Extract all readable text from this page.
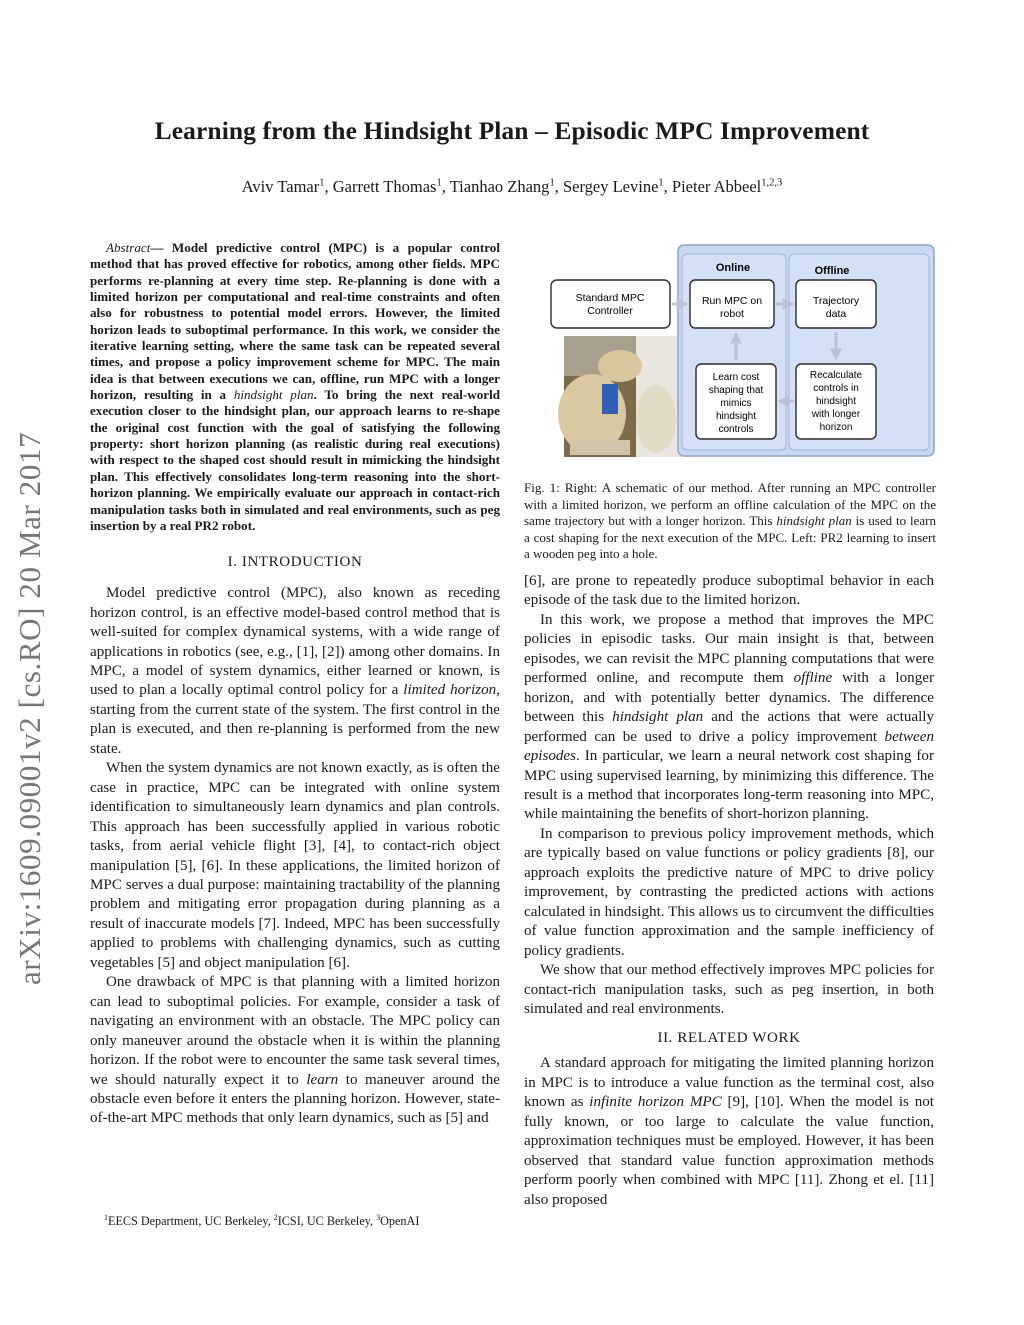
Learning from the Hindsight Plan – Episodic MPC Improvement
Aviv Tamar$^1$, Garrett Thomas$^1$, Tianhao Zhang$^1$, Sergey Levine$^1$, Pieter Abbeel$^{1,2,3}$
arXiv:1609.09001v2 [cs.RO] 20 Mar 2017

Abstract— Model predictive control (MPC) is a popular control method that has proved effective for robotics, among other fields. MPC performs re-planning at every time step. Re-planning is done with a limited horizon per computational and real-time constraints and often also for robustness to potential model errors. However, the limited horizon leads to suboptimal performance. In this work, we consider the iterative learning setting, where the same task can be repeated several times, and propose a policy improvement scheme for MPC. The main idea is that between executions we can, offline, run MPC with a longer horizon, resulting in a hindsight plan. To bring the next real-world execution closer to the hindsight plan, our approach learns to re-shape the original cost function with the goal of satisfying the following property: short horizon planning (as realistic during real executions) with respect to the shaped cost should result in mimicking the hindsight plan. This effectively consolidates long-term reasoning into the short-horizon planning. We empirically evaluate our approach in contact-rich manipulation tasks both in simulated and real environments, such as peg insertion by a real PR2 robot.

I. INTRODUCTION

Model predictive control (MPC), also known as receding horizon control, is an effective model-based control method that is well-suited for complex dynamical systems, with a wide range of applications in robotics (see, e.g., [1], [2]) among other domains. In MPC, a model of system dynamics, either learned or known, is used to plan a locally optimal control policy for a limited horizon, starting from the current state of the system. The first control in the plan is executed, and then re-planning is performed from the new state.

When the system dynamics are not known exactly, as is often the case in practice, MPC can be integrated with online system identification to simultaneously learn dynamics and plan controls. This approach has been successfully applied in various robotic tasks, from aerial vehicle flight [3], [4], to contact-rich object manipulation [5], [6]. In these applications, the limited horizon of MPC serves a dual purpose: maintaining tractability of the planning problem and mitigating error propagation during planning as a result of inaccurate models [7]. Indeed, MPC has been successfully applied to problems with challenging dynamics, such as cutting vegetables [5] and object manipulation [6].

One drawback of MPC is that planning with a limited horizon can lead to suboptimal policies. For example, consider a task of navigating an environment with an obstacle. The MPC policy can only maneuver around the obstacle when it is within the planning horizon. If the robot were to encounter the same task several times, we should naturally expect it to learn to maneuver around the obstacle even before it enters the planning horizon. However, state-of-the-art MPC methods that only learn dynamics, such as [5] and

$^1$EECS Department, UC Berkeley, $^2$ICSI, UC Berkeley, $^3$OpenAI
Online	Offline
Standard MPC
Controller
Run MPC on
robot
Trajectory
data
Learn cost
shaping that
mimics
hindsight
controls
Recalculate
controls in
hindsight
with longer
horizon
Fig. 1: Right: A schematic of our method. After running an MPC controller with a limited horizon, we perform an offline calculation of the MPC on the same trajectory but with a longer horizon. This hindsight plan is used to learn a cost shaping for the next execution of the MPC. Left: PR2 learning to insert a wooden peg into a hole.

[6], are prone to repeatedly produce suboptimal behavior in each episode of the task due to the limited horizon.

In this work, we propose a method that improves the MPC policies in episodic tasks. Our main insight is that, between episodes, we can revisit the MPC planning computations that were performed online, and recompute them offline with a longer horizon, and with potentially better dynamics. The difference between this hindsight plan and the actions that were actually performed can be used to drive a policy improvement between episodes. In particular, we learn a neural network cost shaping for MPC using supervised learning, by minimizing this difference. The result is a method that incorporates long-term reasoning into MPC, while maintaining the benefits of short-horizon planning.

In comparison to previous policy improvement methods, which are typically based on value functions or policy gradients [8], our approach exploits the predictive nature of MPC to drive policy improvement, by contrasting the predicted actions with actions calculated in hindsight. This allows us to circumvent the difficulties of value function approximation and the sample inefficiency of policy gradients.

We show that our method effectively improves MPC policies for contact-rich manipulation tasks, such as peg insertion, in both simulated and real environments.

II. RELATED WORK

A standard approach for mitigating the limited planning horizon in MPC is to introduce a value function as the terminal cost, also known as infinite horizon MPC [9], [10]. When the model is not fully known, or too large to calculate the value function, approximation techniques must be employed. However, it has been observed that standard value function approximation methods perform poorly when combined with MPC [11]. Zhong et el. [11] also proposed
